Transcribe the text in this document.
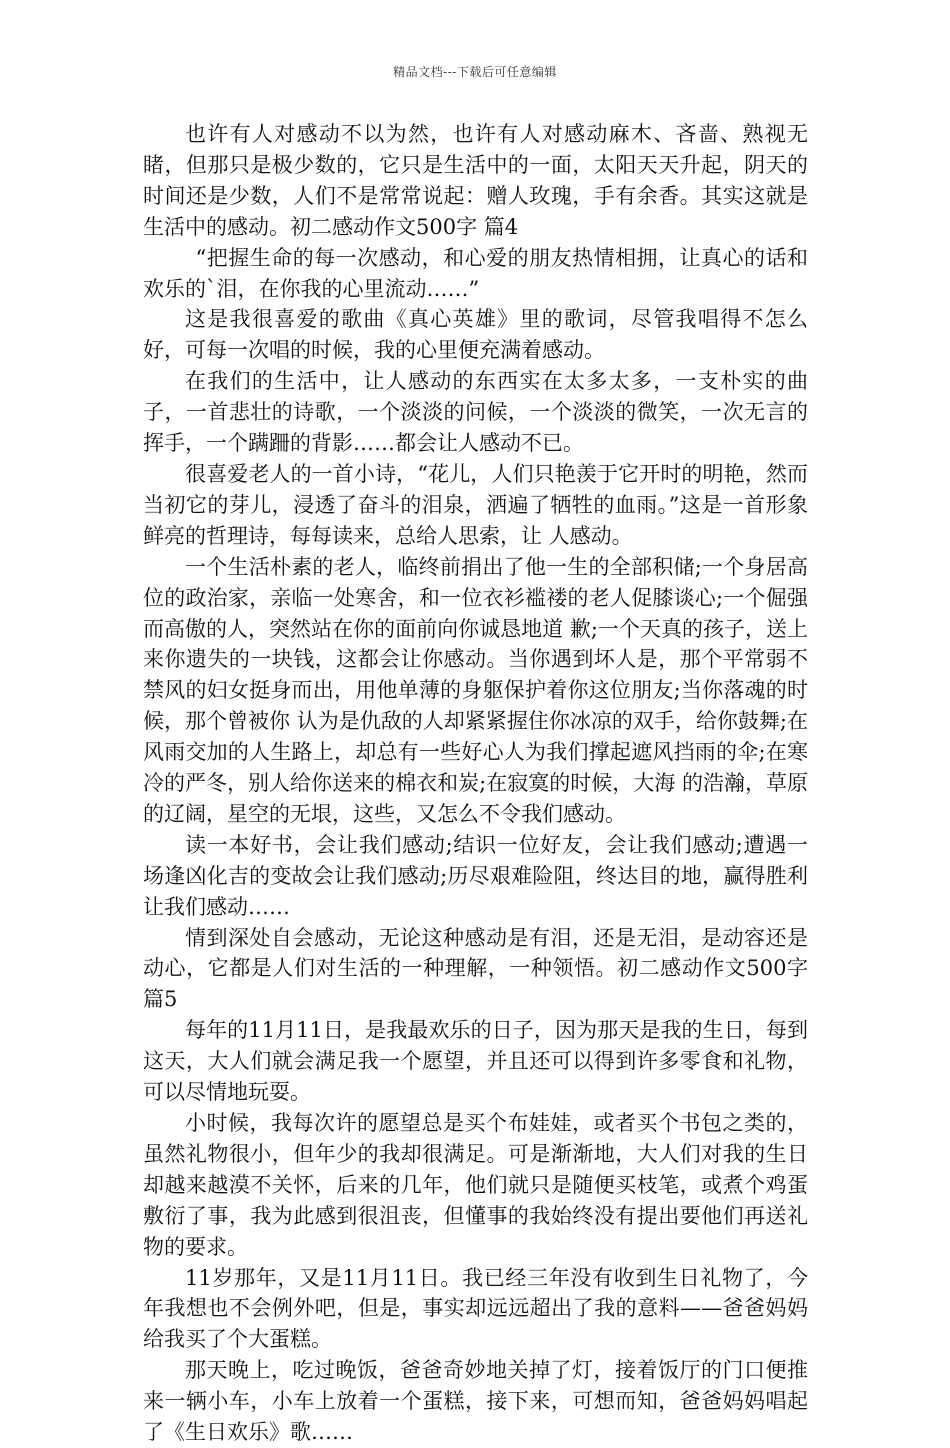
精品文档---下载后可任意编辑

也许有人对感动不以为然，也许有人对感动麻木、吝啬、熟视无睹，但那只是极少数的，它只是生活中的一面，太阳天天升起，阴天的时间还是少数，人们不是常常说起：赠人玫瑰，手有余香。其实这就是生活中的感动。初二感动作文500字 篇4

“把握生命的每一次感动，和心爱的朋友热情相拥，让真心的话和欢乐的`泪，在你我的心里流动……”

这是我很喜爱的歌曲《真心英雄》里的歌词，尽管我唱得不怎么好，可每一次唱的时候，我的心里便充满着感动。

在我们的生活中，让人感动的东西实在太多太多，一支朴实的曲子，一首悲壮的诗歌，一个淡淡的问候，一个淡淡的微笑，一次无言的挥手，一个蹒跚的背影……都会让人感动不已。

很喜爱老人的一首小诗，“花儿，人们只艳羡于它开时的明艳，然而当初它的芽儿，浸透了奋斗的泪泉，洒遍了牺牲的血雨。”这是一首形象鲜亮的哲理诗，每每读来，总给人思索，让 人感动。

一个生活朴素的老人，临终前捐出了他一生的全部积储;一个身居高位的政治家，亲临一处寒舍，和一位衣衫褴褛的老人促膝谈心;一个倔强而高傲的人，突然站在你的面前向你诚恳地道 歉;一个天真的孩子，送上来你遗失的一块钱，这都会让你感动。当你遇到坏人是，那个平常弱不禁风的妇女挺身而出，用他单薄的身躯保护着你这位朋友;当你落魂的时候，那个曾被你 认为是仇敌的人却紧紧握住你冰凉的双手，给你鼓舞;在风雨交加的人生路上，却总有一些好心人为我们撑起遮风挡雨的伞;在寒冷的严冬，别人给你送来的棉衣和炭;在寂寞的时候，大海 的浩瀚，草原的辽阔，星空的无垠，这些，又怎么不令我们感动。

读一本好书，会让我们感动;结识一位好友，会让我们感动;遭遇一场逢凶化吉的变故会让我们感动;历尽艰难险阻，终达目的地，赢得胜利让我们感动……

情到深处自会感动，无论这种感动是有泪，还是无泪，是动容还是动心，它都是人们对生活的一种理解，一种领悟。初二感动作文500字 篇5

每年的11月11日，是我最欢乐的日子，因为那天是我的生日，每到这天，大人们就会满足我一个愿望，并且还可以得到许多零食和礼物，可以尽情地玩耍。

小时候，我每次许的愿望总是买个布娃娃，或者买个书包之类的，虽然礼物很小，但年少的我却很满足。可是渐渐地，大人们对我的生日却越来越漠不关怀，后来的几年，他们就只是随便买枝笔，或煮个鸡蛋敷衍了事，我为此感到很沮丧，但懂事的我始终没有提出要他们再送礼物的要求。

11岁那年，又是11月11日。我已经三年没有收到生日礼物了，今年我想也不会例外吧，但是，事实却远远超出了我的意料——爸爸妈妈给我买了个大蛋糕。

那天晚上，吃过晚饭，爸爸奇妙地关掉了灯，接着饭厅的门口便推来一辆小车，小车上放着一个蛋糕，接下来，可想而知，爸爸妈妈唱起了《生日欢乐》歌……
